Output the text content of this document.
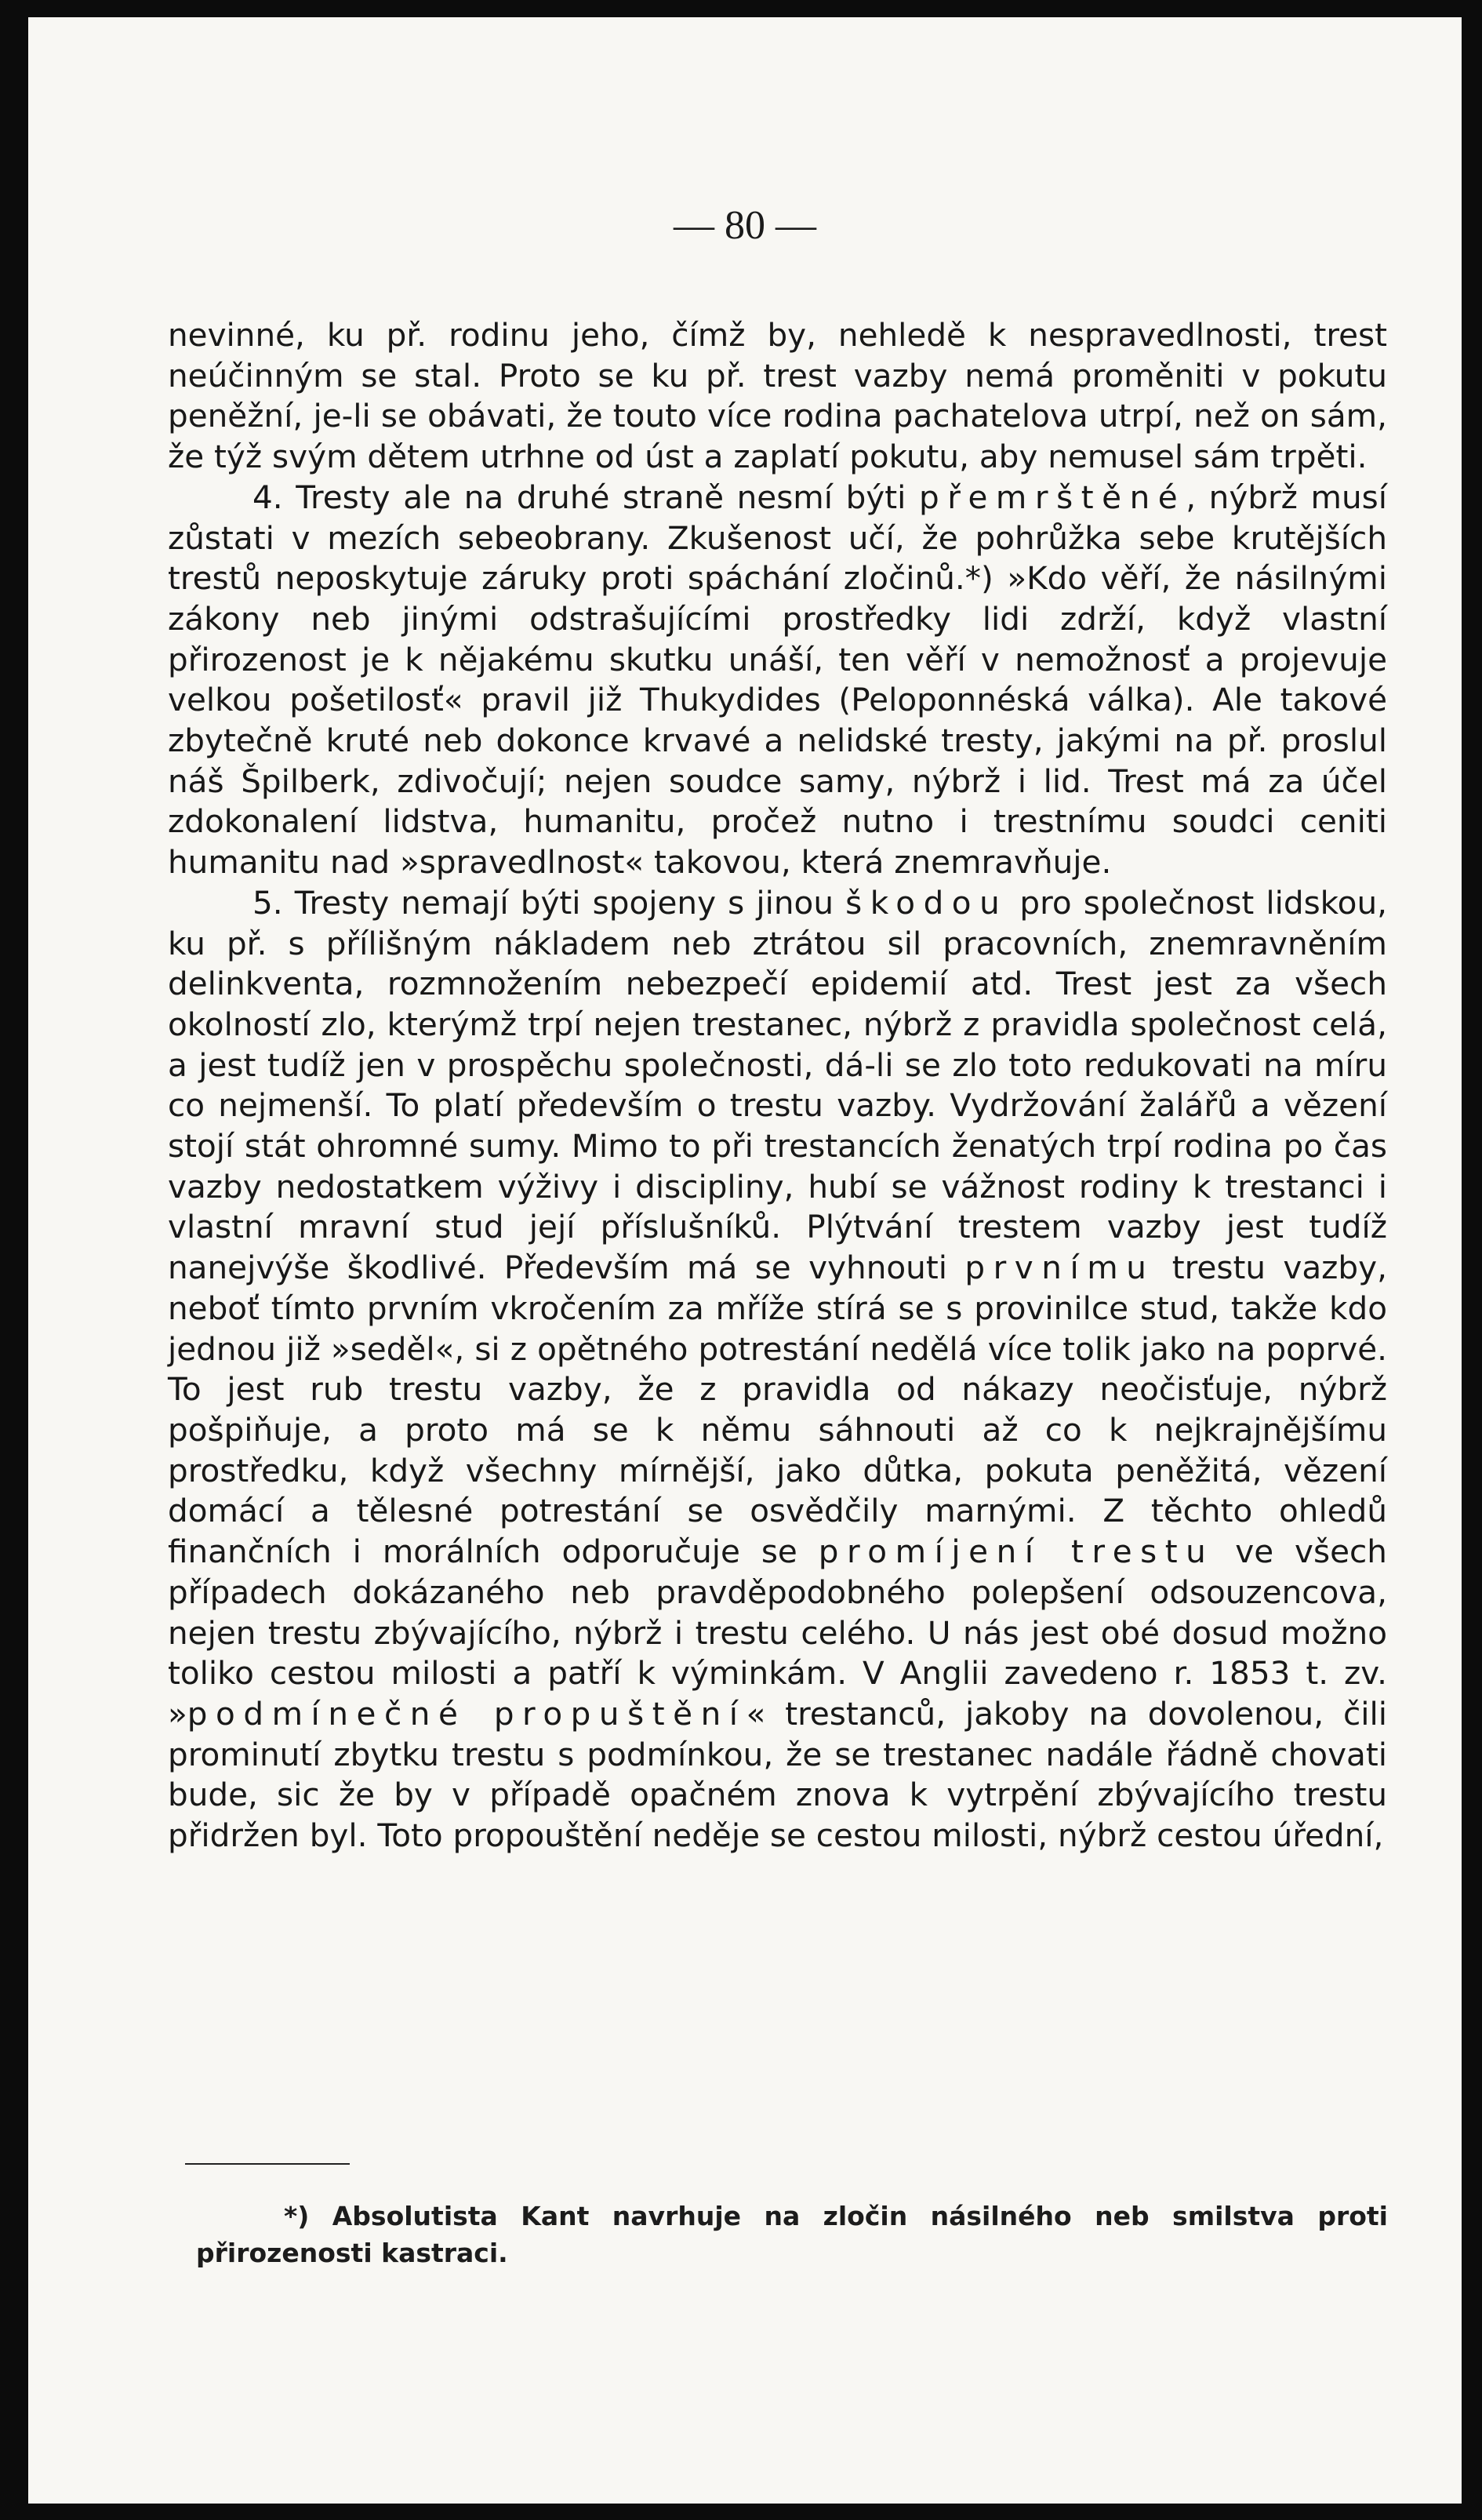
— 80 —

nevinné, ku př. rodinu jeho, čímž by, nehledě k nespravedlnosti, trest neúčinným se stal. Proto se ku př. trest vazby nemá proměniti v pokutu peněžní, je-li se obávati, že touto více rodina pachatelova utrpí, než on sám, že týž svým dětem utrhne od úst a zaplatí pokutu, aby nemusel sám trpěti.

4. Tresty ale na druhé straně nesmí býti přemrštěné, nýbrž musí zůstati v mezích sebeobrany. Zkušenost učí, že pohrůžka sebe krutějších trestů neposkytuje záruky proti spáchání zločinů.*) »Kdo věří, že násilnými zákony neb jinými odstrašujícími prostředky lidi zdrží, když vlastní přirozenost je k nějakému skutku unáší, ten věří v nemožnosť a projevuje velkou pošetilosť« pravil již Thukydides (Peloponnéská válka). Ale takové zbytečně kruté neb dokonce krvavé a nelidské tresty, jakými na př. proslul náš Špilberk, zdivočují; nejen soudce samy, nýbrž i lid. Trest má za účel zdokonalení lidstva, humanitu, pročež nutno i trestnímu soudci ceniti humanitu nad »spravedlnost« takovou, která znemravňuje.

5. Tresty nemají býti spojeny s jinou škodou pro společnost lidskou, ku př. s přílišným nákladem neb ztrátou sil pracovních, znemravněním delinkventa, rozmnožením nebezpečí epidemií atd. Trest jest za všech okolností zlo, kterýmž trpí nejen trestanec, nýbrž z pravidla společnost celá, a jest tudíž jen v prospěchu společnosti, dá-li se zlo toto redukovati na míru co nejmenší. To platí především o trestu vazby. Vydržování žalářů a vězení stojí stát ohromné sumy. Mimo to při trestancích ženatých trpí rodina po čas vazby nedostatkem výživy i discipliny, hubí se vážnost rodiny k trestanci i vlastní mravní stud její příslušníků. Plýtvání trestem vazby jest tudíž nanejvýše škodlivé. Především má se vyhnouti prvnímu trestu vazby, neboť tímto prvním vkročením za mříže stírá se s provinilce stud, takže kdo jednou již »seděl«, si z opětného potrestání nedělá více tolik jako na poprvé. To jest rub trestu vazby, že z pravidla od nákazy neočisťuje, nýbrž pošpiňuje, a proto má se k němu sáhnouti až co k nejkrajnějšímu prostředku, když všechny mírnější, jako důtka, pokuta peněžitá, vězení domácí a tělesné potrestání se osvědčily marnými. Z těchto ohledů finančních i morálních odporučuje se promíjení trestu ve všech případech dokázaného neb pravděpodobného polepšení odsouzencova, nejen trestu zbývajícího, nýbrž i trestu celého. U nás jest obé dosud možno toliko cestou milosti a patří k výminkám. V Anglii zavedeno r. 1853 t. zv. »podmínečné propuštění« trestanců, jakoby na dovolenou, čili prominutí zbytku trestu s podmínkou, že se trestanec nadále řádně chovati bude, sic že by v případě opačném znova k vytrpění zbývajícího trestu přidržen byl. Toto propouštění neděje se cestou milosti, nýbrž cestou úřední,

*) Absolutista Kant navrhuje na zločin násilného neb smilstva proti přirozenosti kastraci.
